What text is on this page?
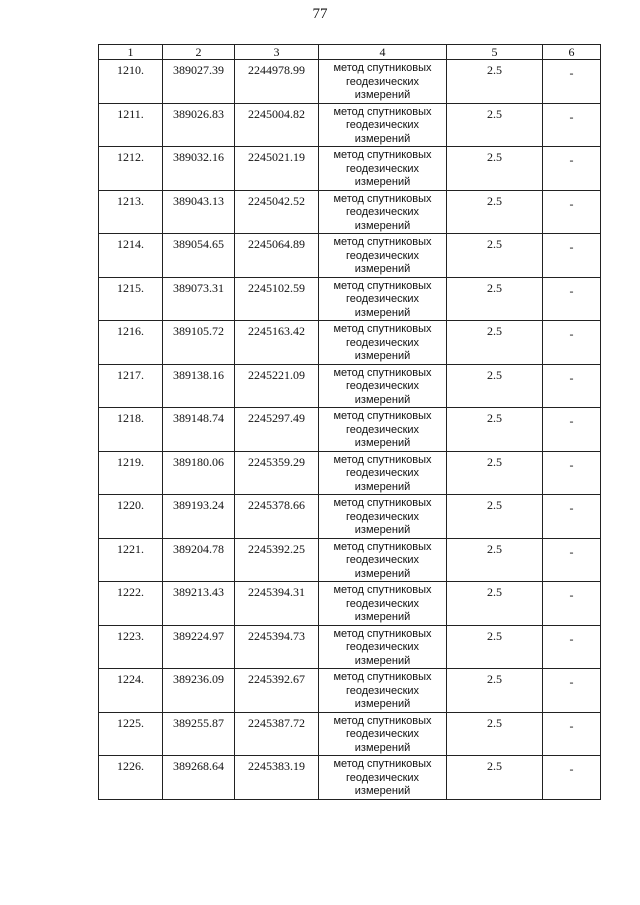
77
1	2	3	4	5	6
1210.	389027.39	2244978.99	метод спутниковых геодезических измерений	2.5	-
1211.	389026.83	2245004.82	метод спутниковых геодезических измерений	2.5	-
1212.	389032.16	2245021.19	метод спутниковых геодезических измерений	2.5	-
1213.	389043.13	2245042.52	метод спутниковых геодезических измерений	2.5	-
1214.	389054.65	2245064.89	метод спутниковых геодезических измерений	2.5	-
1215.	389073.31	2245102.59	метод спутниковых геодезических измерений	2.5	-
1216.	389105.72	2245163.42	метод спутниковых геодезических измерений	2.5	-
1217.	389138.16	2245221.09	метод спутниковых геодезических измерений	2.5	-
1218.	389148.74	2245297.49	метод спутниковых геодезических измерений	2.5	-
1219.	389180.06	2245359.29	метод спутниковых геодезических измерений	2.5	-
1220.	389193.24	2245378.66	метод спутниковых геодезических измерений	2.5	-
1221.	389204.78	2245392.25	метод спутниковых геодезических измерений	2.5	-
1222.	389213.43	2245394.31	метод спутниковых геодезических измерений	2.5	-
1223.	389224.97	2245394.73	метод спутниковых геодезических измерений	2.5	-
1224.	389236.09	2245392.67	метод спутниковых геодезических измерений	2.5	-
1225.	389255.87	2245387.72	метод спутниковых геодезических измерений	2.5	-
1226.	389268.64	2245383.19	метод спутниковых геодезических измерений	2.5	-
